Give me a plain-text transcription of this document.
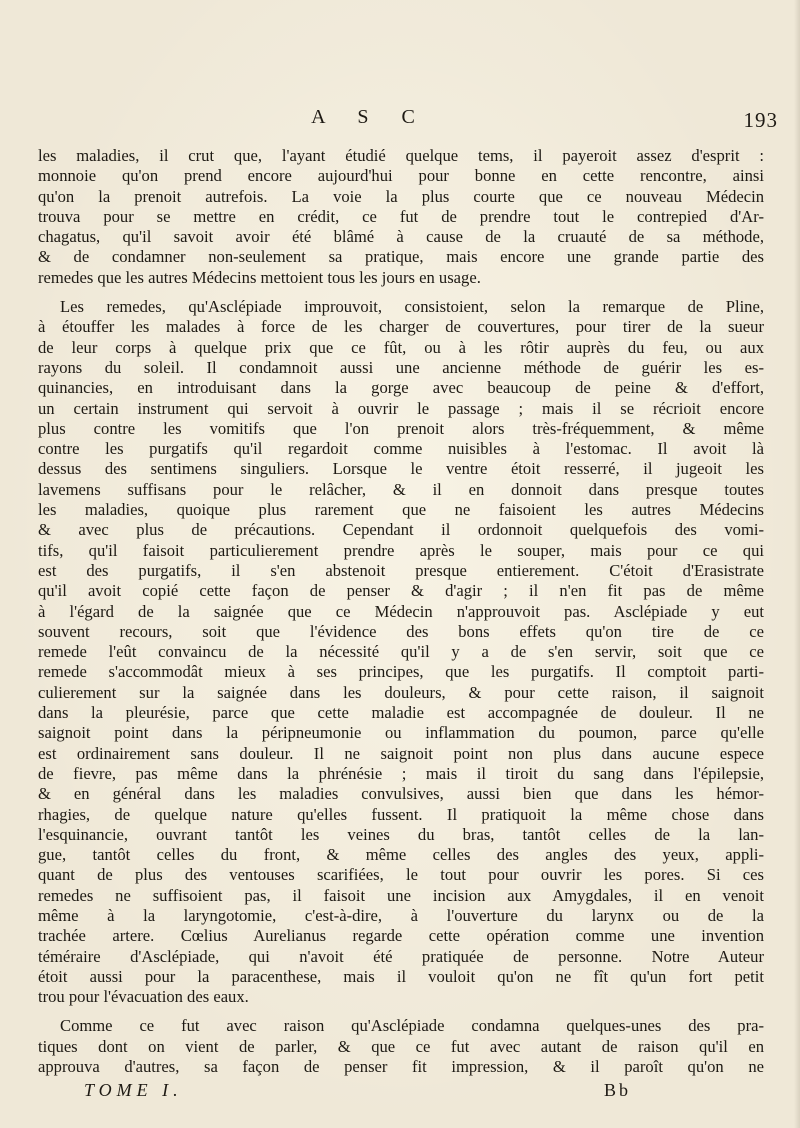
A S C	193
les maladies, il crut que, l'ayant étudié quelque tems, il payeroit assez d'esprit :
monnoie qu'on prend encore aujourd'hui pour bonne en cette rencontre, ainsi
qu'on la prenoit autrefois. La voie la plus courte que ce nouveau Médecin
trouva pour se mettre en crédit, ce fut de prendre tout le contrepied d'Ar-
chagatus, qu'il savoit avoir été blâmé à cause de la cruauté de sa méthode,
& de condamner non-seulement sa pratique, mais encore une grande partie des
remedes que les autres Médecins mettoient tous les jours en usage.
Les remedes, qu'Asclépiade improuvoit, consistoient, selon la remarque de Pline,
à étouffer les malades à force de les charger de couvertures, pour tirer de la sueur
de leur corps à quelque prix que ce fût, ou à les rôtir auprès du feu, ou aux
rayons du soleil. Il condamnoit aussi une ancienne méthode de guérir les es-
quinancies, en introduisant dans la gorge avec beaucoup de peine & d'effort,
un certain instrument qui servoit à ouvrir le passage ; mais il se récrioit encore
plus contre les vomitifs que l'on prenoit alors très-fréquemment, & même
contre les purgatifs qu'il regardoit comme nuisibles à l'estomac. Il avoit là
dessus des sentimens singuliers. Lorsque le ventre étoit resserré, il jugeoit les
lavemens suffisans pour le relâcher, & il en donnoit dans presque toutes
les maladies, quoique plus rarement que ne faisoient les autres Médecins
& avec plus de précautions. Cependant il ordonnoit quelquefois des vomi-
tifs, qu'il faisoit particulierement prendre après le souper, mais pour ce qui
est des purgatifs, il s'en abstenoit presque entierement. C'étoit d'Erasistrate
qu'il avoit copié cette façon de penser & d'agir ; il n'en fit pas de même
à l'égard de la saignée que ce Médecin n'approuvoit pas. Asclépiade y eut
souvent recours, soit que l'évidence des bons effets qu'on tire de ce
remede l'eût convaincu de la nécessité qu'il y a de s'en servir, soit que ce
remede s'accommodât mieux à ses principes, que les purgatifs. Il comptoit parti-
culierement sur la saignée dans les douleurs, & pour cette raison, il saignoit
dans la pleurésie, parce que cette maladie est accompagnée de douleur. Il ne
saignoit point dans la péripneumonie ou inflammation du poumon, parce qu'elle
est ordinairement sans douleur. Il ne saignoit point non plus dans aucune espece
de fievre, pas même dans la phrénésie ; mais il tiroit du sang dans l'épilepsie,
& en général dans les maladies convulsives, aussi bien que dans les hémor-
rhagies, de quelque nature qu'elles fussent. Il pratiquoit la même chose dans
l'esquinancie, ouvrant tantôt les veines du bras, tantôt celles de la lan-
gue, tantôt celles du front, & même celles des angles des yeux, appli-
quant de plus des ventouses scarifiées, le tout pour ouvrir les pores. Si ces
remedes ne suffisoient pas, il faisoit une incision aux Amygdales, il en venoit
même à la laryngotomie, c'est-à-dire, à l'ouverture du larynx ou de la
trachée artere. Cœlius Aurelianus regarde cette opération comme une invention
téméraire d'Asclépiade, qui n'avoit été pratiquée de personne. Notre Auteur
étoit aussi pour la paracenthese, mais il vouloit qu'on ne fît qu'un fort petit
trou pour l'évacuation des eaux.
Comme ce fut avec raison qu'Asclépiade condamna quelques-unes des pra-
tiques dont on vient de parler, & que ce fut avec autant de raison qu'il en
approuva d'autres, sa façon de penser fit impression, & il paroît qu'on ne
TOME I.	Bb
